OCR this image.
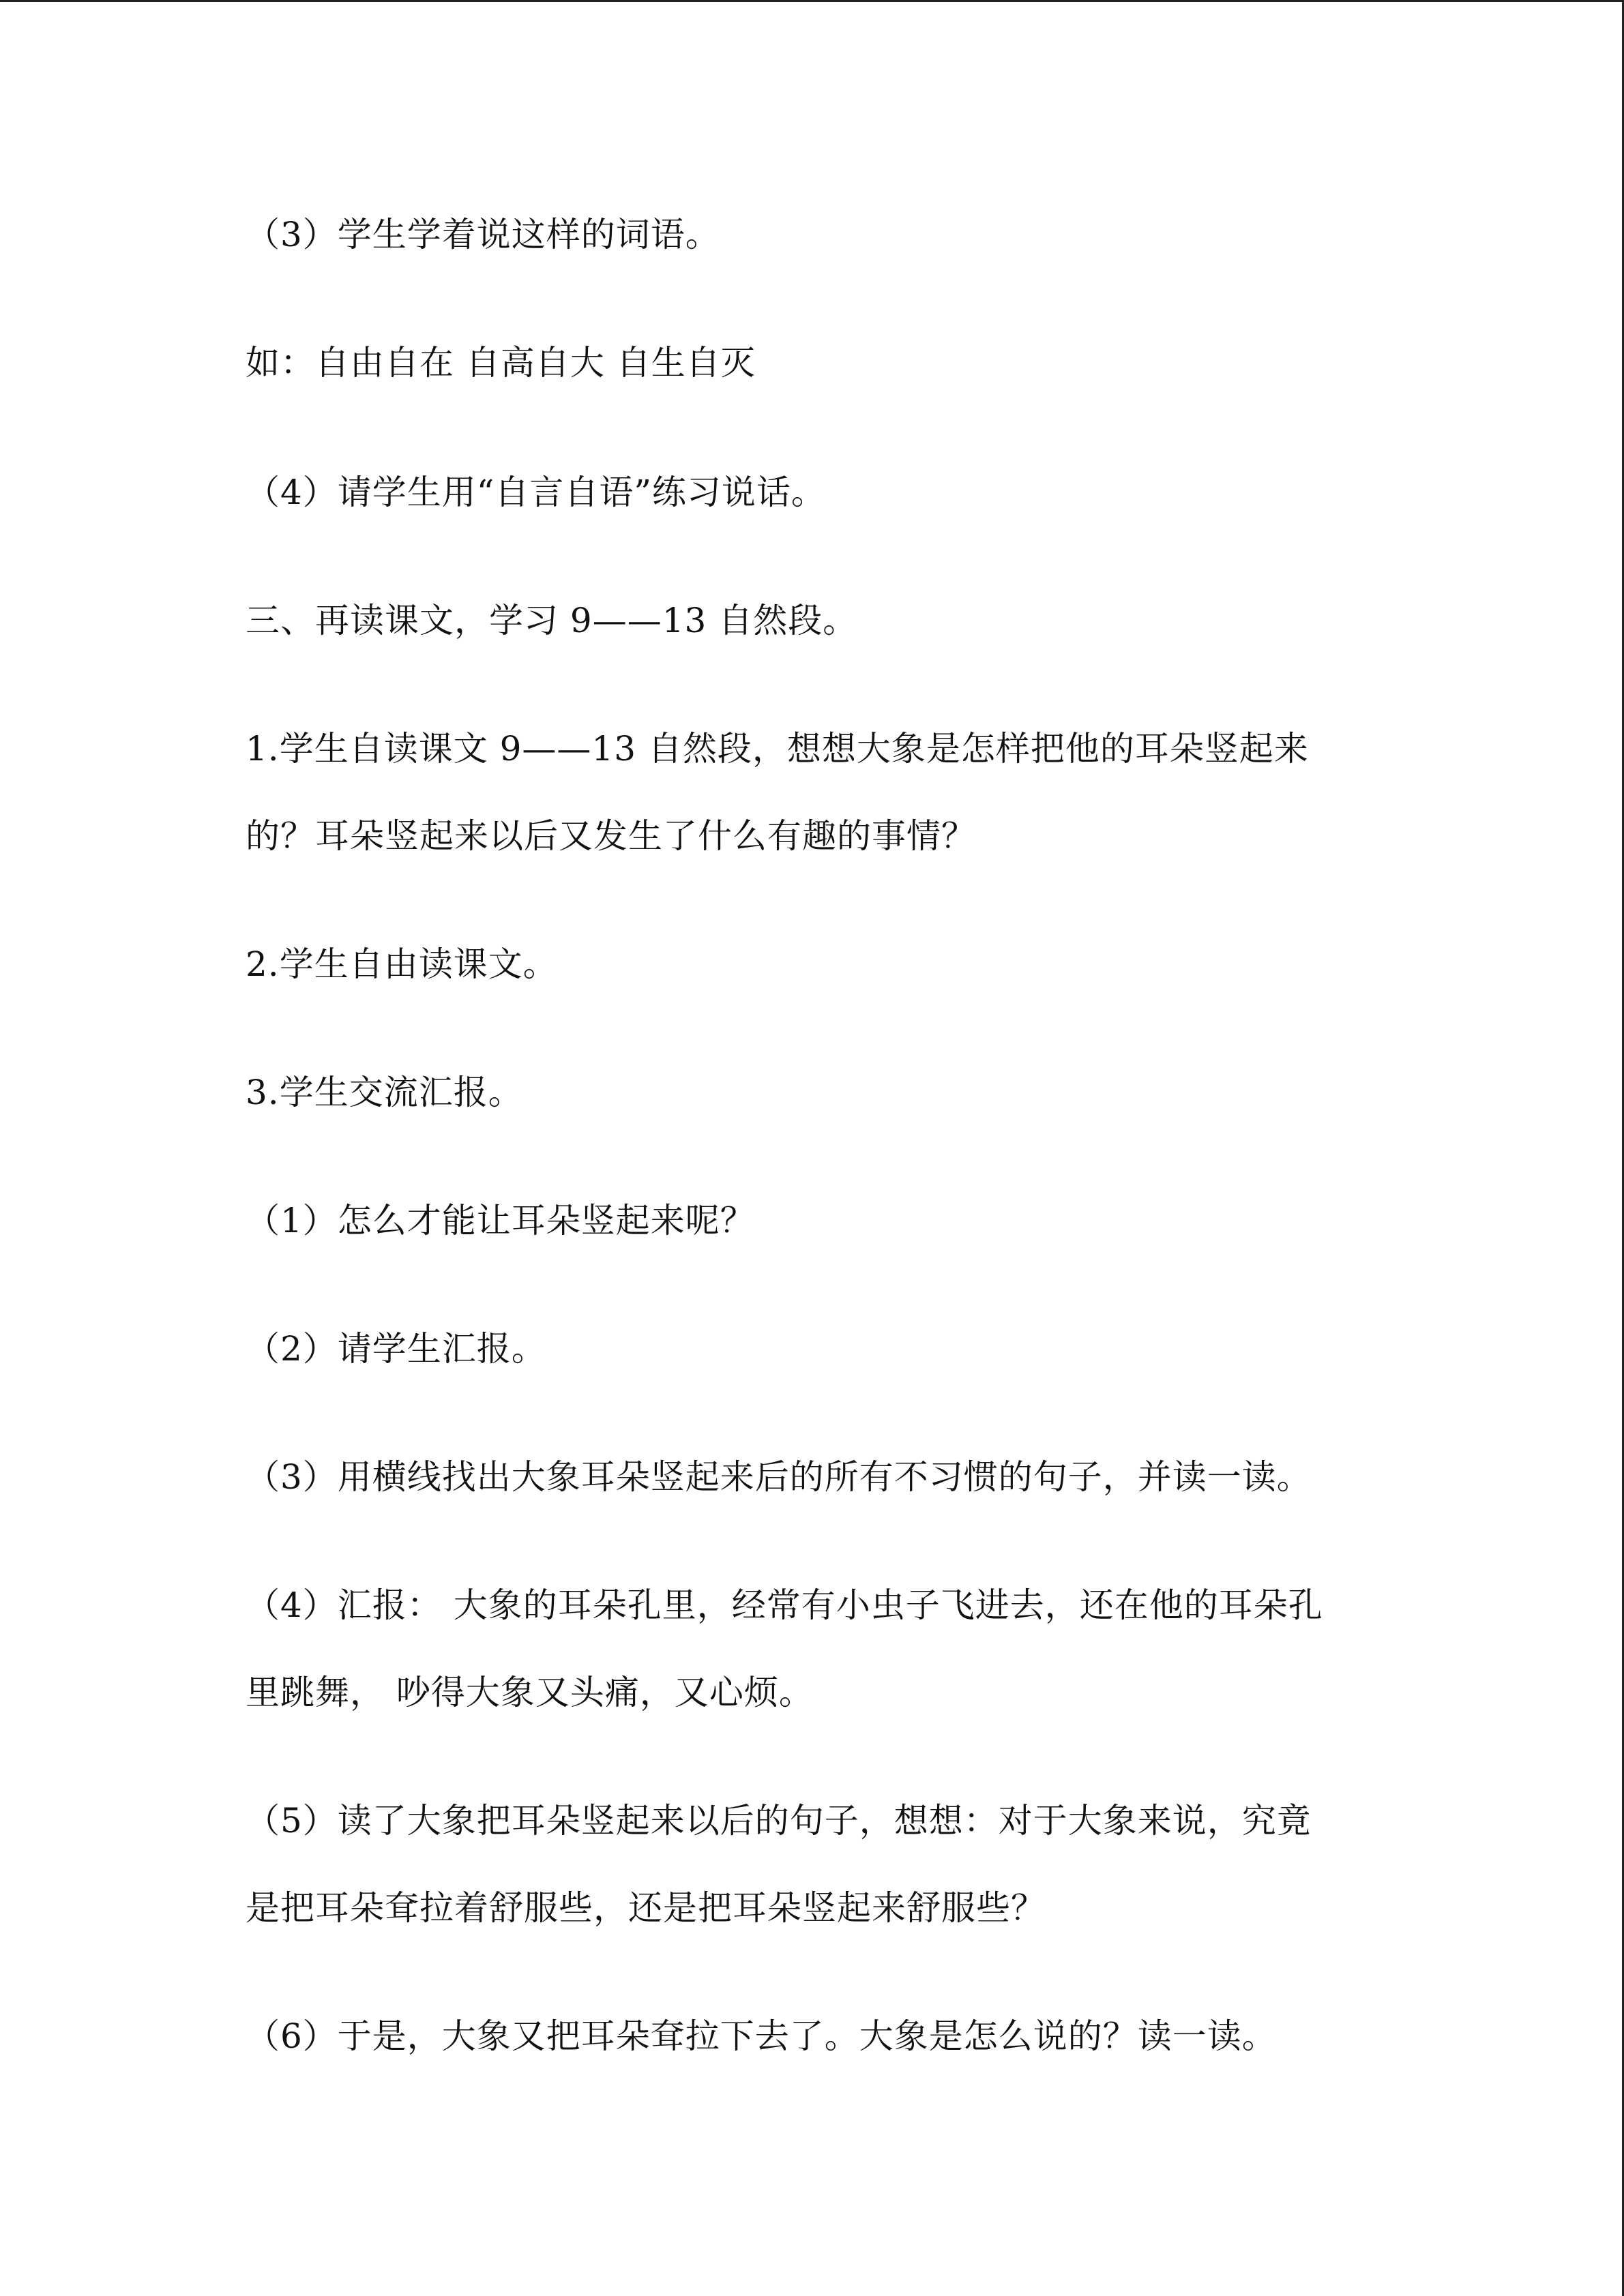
（3）学生学着说这样的词语。
如：自由自在 自高自大 自生自灭
（4）请学生用“自言自语”练习说话。
三、再读课文，学习 9——13 自然段。
1.学生自读课文 9——13 自然段，想想大象是怎样把他的耳朵竖起来
的？耳朵竖起来以后又发生了什么有趣的事情？
2.学生自由读课文。
3.学生交流汇报。
（1）怎么才能让耳朵竖起来呢？
（2）请学生汇报。
（3）用横线找出大象耳朵竖起来后的所有不习惯的句子，并读一读。
（4）汇报： 大象的耳朵孔里，经常有小虫子飞进去，还在他的耳朵孔
里跳舞， 吵得大象又头痛，又心烦。
（5）读了大象把耳朵竖起来以后的句子，想想：对于大象来说，究竟
是把耳朵耷拉着舒服些，还是把耳朵竖起来舒服些？
（6）于是，大象又把耳朵耷拉下去了。大象是怎么说的？读一读。
